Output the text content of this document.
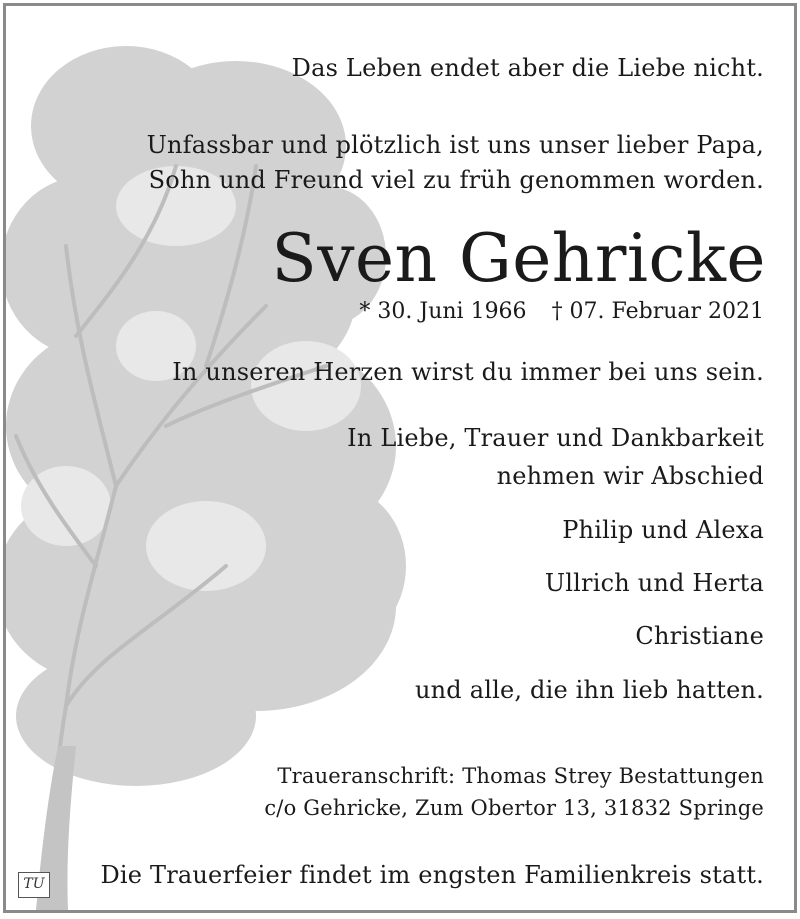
Das Leben endet aber die Liebe nicht.
Unfassbar und plötzlich ist uns unser lieber Papa,
Sohn und Freund viel zu früh genommen worden.
Sven Gehricke
* 30. Juni 1966 † 07. Februar 2021
In unseren Herzen wirst du immer bei uns sein.
In Liebe, Trauer und Dankbarkeit
nehmen wir Abschied
Philip und Alexa
Ullrich und Herta
Christiane
und alle, die ihn lieb hatten.
Traueranschrift: Thomas Strey Bestattungen
c/o Gehricke, Zum Obertor 13, 31832 Springe
Die Trauerfeier findet im engsten Familienkreis statt.
TU
